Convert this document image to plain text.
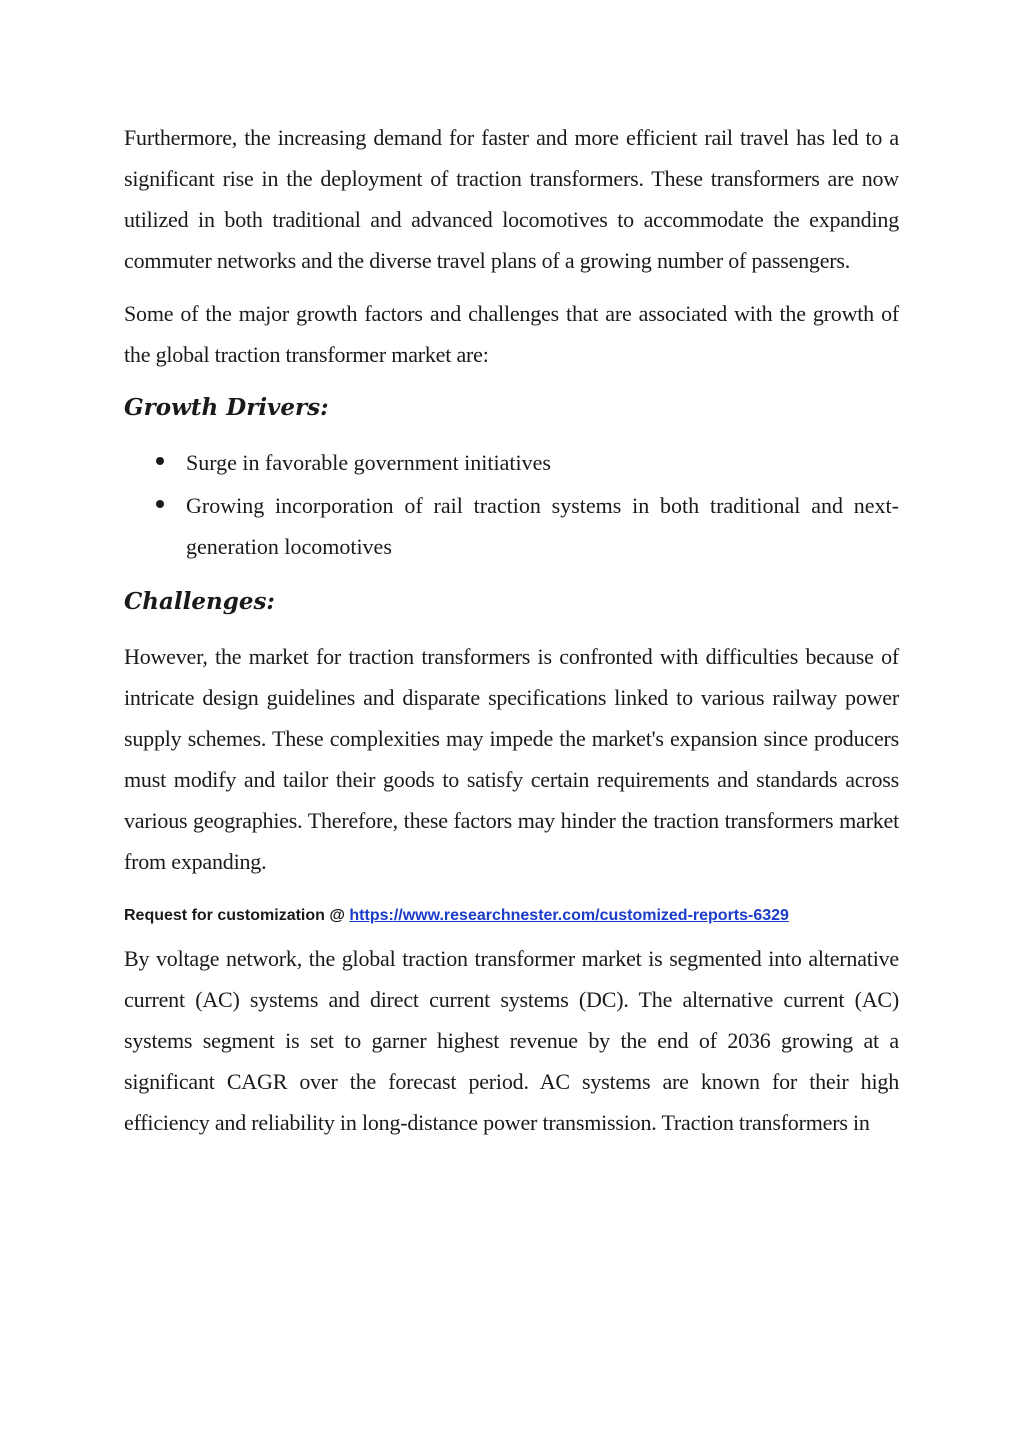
Furthermore, the increasing demand for faster and more efficient rail travel has led to a significant rise in the deployment of traction transformers. These transformers are now utilized in both traditional and advanced locomotives to accommodate the expanding commuter networks and the diverse travel plans of a growing number of passengers.

Some of the major growth factors and challenges that are associated with the growth of the global traction transformer market are:

Growth Drivers:
Surge in favorable government initiatives
Growing incorporation of rail traction systems in both traditional and next-generation locomotives
Challenges:

However, the market for traction transformers is confronted with difficulties because of intricate design guidelines and disparate specifications linked to various railway power supply schemes. These complexities may impede the market's expansion since producers must modify and tailor their goods to satisfy certain requirements and standards across various geographies. Therefore, these factors may hinder the traction transformers market from expanding.

Request for customization @ https://www.researchnester.com/customized-reports-6329

By voltage network, the global traction transformer market is segmented into alternative current (AC) systems and direct current systems (DC). The alternative current (AC) systems segment is set to garner highest revenue by the end of 2036 growing at a significant CAGR over the forecast period. AC systems are known for their high efficiency and reliability in long-distance power transmission. Traction transformers in
